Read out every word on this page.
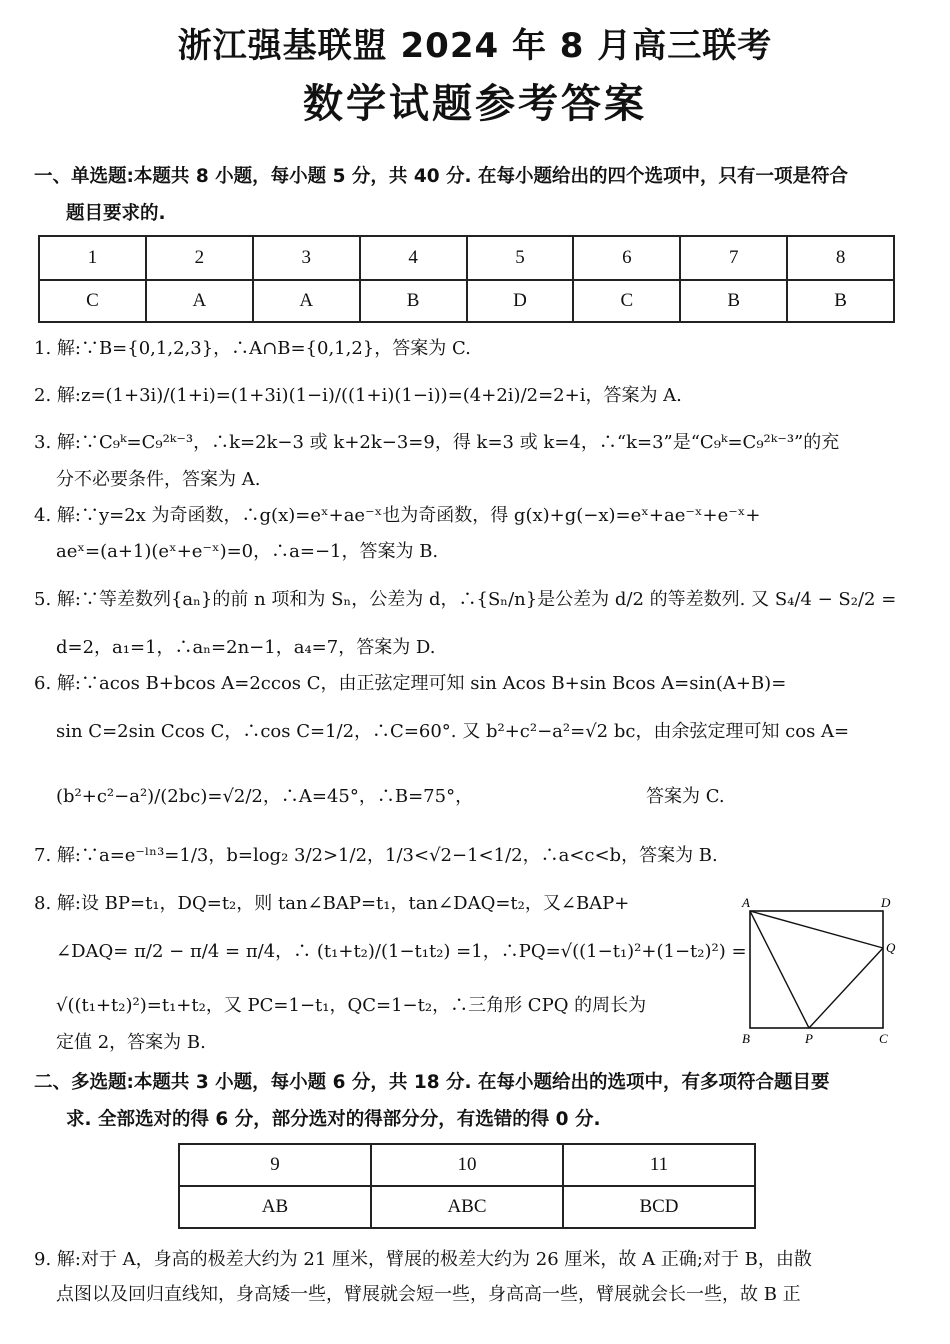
浙江强基联盟 2024 年 8 月高三联考
数学试题参考答案
一、单选题:本题共 8 小题，每小题 5 分，共 40 分. 在每小题给出的四个选项中，只有一项是符合
题目要求的.
1	2	3	4	5	6	7	8
C	A	A	B	D	C	B	B
1. 解:∵B={0,1,2,3}，∴A∩B={0,1,2}，答案为 C.
2. 解:z=(1+3i)/(1+i)=(1+3i)(1−i)/((1+i)(1−i))=(4+2i)/2=2+i，答案为 A.
3. 解:∵C₉ᵏ=C₉²ᵏ⁻³，∴k=2k−3 或 k+2k−3=9，得 k=3 或 k=4，∴“k=3”是“C₉ᵏ=C₉²ᵏ⁻³”的充
分不必要条件，答案为 A.
4. 解:∵y=2x 为奇函数，∴g(x)=eˣ+ae⁻ˣ也为奇函数，得 g(x)+g(−x)=eˣ+ae⁻ˣ+e⁻ˣ+
aeˣ=(a+1)(eˣ+e⁻ˣ)=0，∴a=−1，答案为 B.
5. 解:∵等差数列{aₙ}的前 n 项和为 Sₙ，公差为 d，∴{Sₙ/n}是公差为 d/2 的等差数列. 又 S₄/4 − S₂/2 =
d=2，a₁=1，∴aₙ=2n−1，a₄=7，答案为 D.
6. 解:∵acos B+bcos A=2ccos C，由正弦定理可知 sin Acos B+sin Bcos A=sin(A+B)=
sin C=2sin Ccos C，∴cos C=1/2，∴C=60°. 又 b²+c²−a²=√2 bc，由余弦定理可知 cos A=
(b²+c²−a²)/(2bc)=√2/2，∴A=45°，∴B=75°，	答案为 C.
7. 解:∵a=e⁻ˡⁿ³=1/3，b=log₂ 3/2>1/2，1/3<√2−1<1/2，∴a<c<b，答案为 B.
8. 解:设 BP=t₁，DQ=t₂，则 tan∠BAP=t₁，tan∠DAQ=t₂，又∠BAP+
∠DAQ= π/2 − π/4 = π/4，∴ (t₁+t₂)/(1−t₁t₂) =1，∴PQ=√((1−t₁)²+(1−t₂)²) =
√((t₁+t₂)²)=t₁+t₂，又 PC=1−t₁，QC=1−t₂，∴三角形 CPQ 的周长为
定值 2，答案为 B.
A	D
Q
B	P	C
二、多选题:本题共 3 小题，每小题 6 分，共 18 分. 在每小题给出的选项中，有多项符合题目要
求. 全部选对的得 6 分，部分选对的得部分分，有选错的得 0 分.
9	10	11
AB	ABC	BCD
9. 解:对于 A，身高的极差大约为 21 厘米，臂展的极差大约为 26 厘米，故 A 正确;对于 B，由散
点图以及回归直线知，身高矮一些，臂展就会短一些，身高高一些，臂展就会长一些，故 B 正
